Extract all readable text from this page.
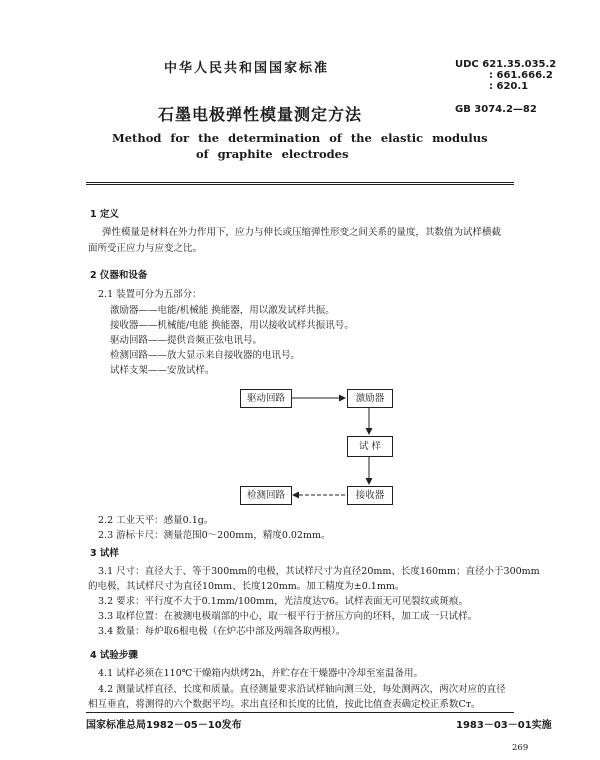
中华人民共和国国家标准	UDC 621.35.035.2
: 661.666.2
: 620.1
石墨电极弹性模量测定方法	GB 3074.2—82
Method for the determination of the elastic modulus
of graphite electrodes
1 定义
弹性模量是材料在外力作用下，应力与伸长或压缩弹性形变之间关系的量度，其数值为试样横截
面所受正应力与应变之比。
2 仪器和设备
2.1 装置可分为五部分：
激励器——电能/机械能 换能器，用以激发试样共振。
接收器——机械能/电能 换能器，用以接收试样共振讯号。
驱动回路——提供音频正弦电讯号。
检测回路——放大显示来自接收器的电讯号。
试样支架——安放试样。
驱动回路	激励器
试 样
检测回路	接收器
2.2 工业天平：感量0.1g。
2.3 游标卡尺：测量范围0～200mm，精度0.02mm。
3 试样
3.1 尺寸：直径大于、等于300mm的电极，其试样尺寸为直径20mm、长度160mm；直径小于300mm
的电极，其试样尺寸为直径10mm、长度120mm。加工精度为±0.1mm。
3.2 要求：平行度不大于0.1mm/100mm，光洁度达▽6。试样表面无可见裂纹或斑痕。
3.3 取样位置：在被测电极端部的中心，取一根平行于挤压方向的坯料，加工成一只试样。
3.4 数量：每炉取6根电极（在炉芯中部及两端各取两根）。
4 试验步骤
4.1 试样必须在110℃干燥箱内烘烤2h，并贮存在干燥器中冷却至室温备用。
4.2 测量试样直径、长度和质量。直径测量要求沿试样轴向测三处，每处测两次，两次对应的直径
相互垂直，将测得的六个数据平均。求出直径和长度的比值，按此比值查表确定校正系数Cт。
国家标准总局1982－05－10发布	1983－03－01实施
269
